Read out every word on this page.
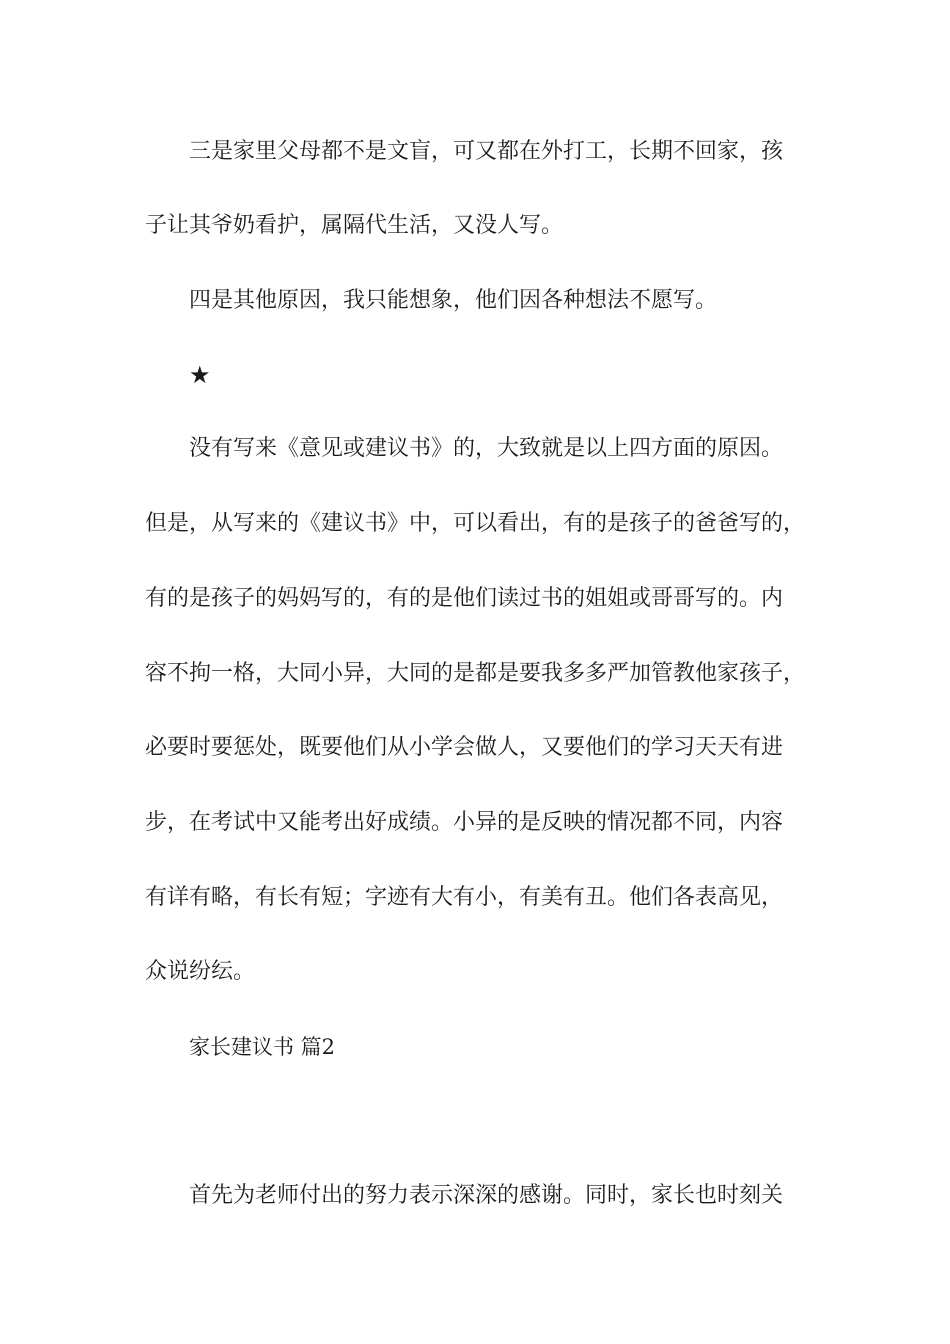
三是家里父母都不是文盲，可又都在外打工，长期不回家，孩
子让其爷奶看护，属隔代生活，又没人写。
四是其他原因，我只能想象，他们因各种想法不愿写。
★
没有写来《意见或建议书》的，大致就是以上四方面的原因。
但是，从写来的《建议书》中，可以看出，有的是孩子的爸爸写的，
有的是孩子的妈妈写的，有的是他们读过书的姐姐或哥哥写的。内
容不拘一格，大同小异，大同的是都是要我多多严加管教他家孩子，
必要时要惩处，既要他们从小学会做人，又要他们的学习天天有进
步，在考试中又能考出好成绩。小异的是反映的情况都不同，内容
有详有略，有长有短；字迹有大有小，有美有丑。他们各表高见，
众说纷纭。
家长建议书 篇2
首先为老师付出的努力表示深深的感谢。同时，家长也时刻关
